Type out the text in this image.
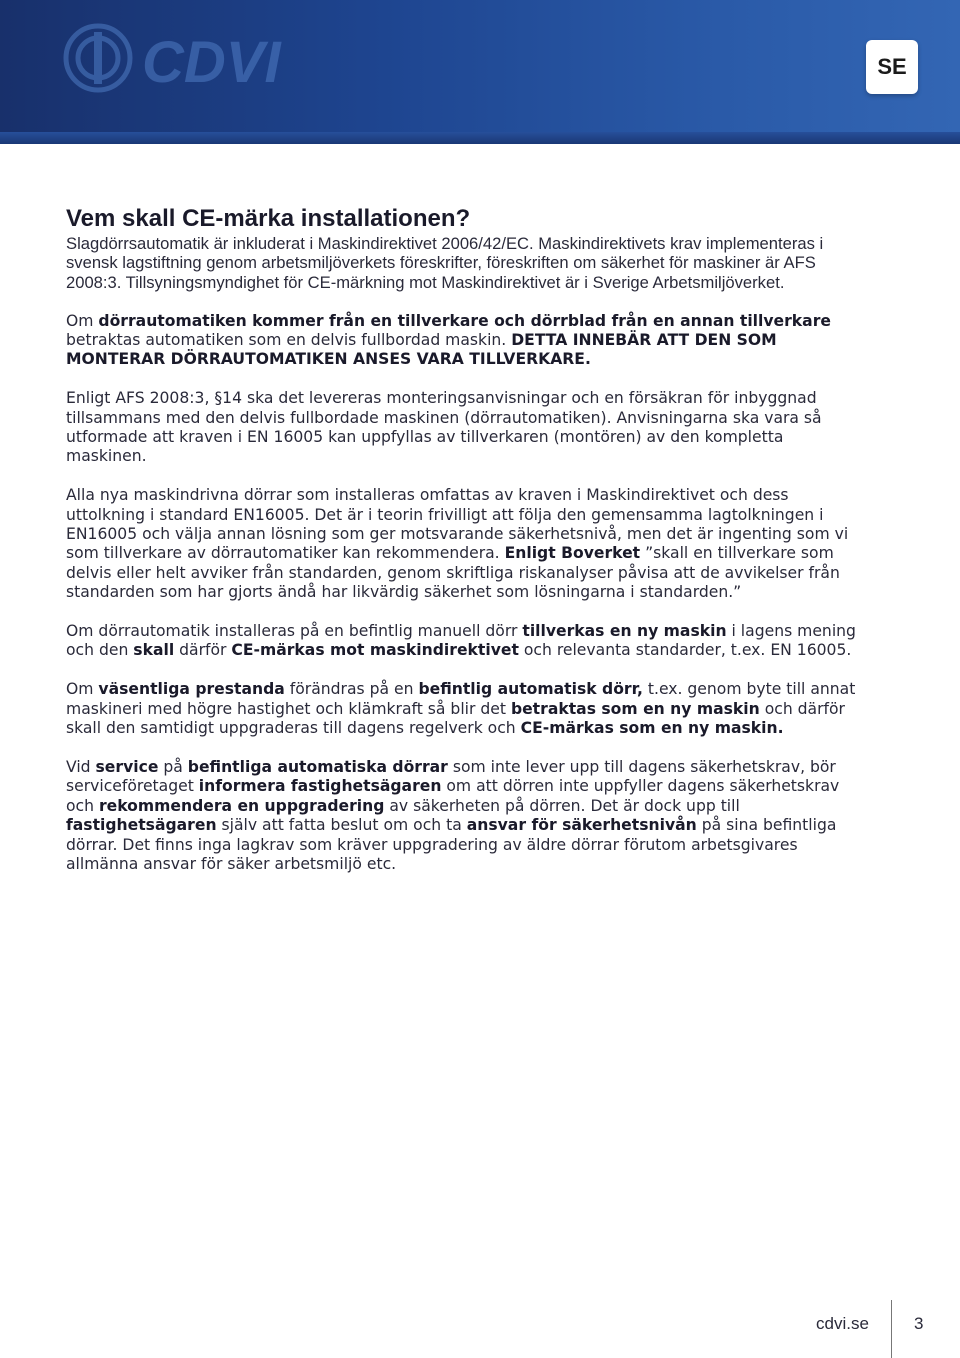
CDVI	SE
Vem skall CE-märka installationen?

Slagdörrsautomatik är inkluderat i Maskindirektivet 2006/42/EC. Maskindirektivets krav implementeras i svensk lagstiftning genom arbetsmiljöverkets föreskrifter, föreskriften om säkerhet för maskiner är AFS 2008:3. Tillsyningsmyndighet för CE-märkning mot Maskindirektivet är i Sverige Arbetsmiljöverket.

Om dörrautomatiken kommer från en tillverkare och dörrblad från en annan tillverkare betraktas automatiken som en delvis fullbordad maskin. DETTA INNEBÄR ATT DEN SOM MONTERAR DÖRRAUTOMATIKEN ANSES VARA TILLVERKARE.

Enligt AFS 2008:3, §14 ska det levereras monteringsanvisningar och en försäkran för inbyggnad tillsammans med den delvis fullbordade maskinen (dörrautomatiken). Anvisningarna ska vara så utformade att kraven i EN 16005 kan uppfyllas av tillverkaren (montören) av den kompletta maskinen.

Alla nya maskindrivna dörrar som installeras omfattas av kraven i Maskindirektivet och dess uttolkning i standard EN16005. Det är i teorin frivilligt att följa den gemensamma lagtolkningen i EN16005 och välja annan lösning som ger motsvarande säkerhetsnivå, men det är ingenting som vi som tillverkare av dörrautomatiker kan rekommendera. Enligt Boverket ”skall en tillverkare som delvis eller helt avviker från standarden, genom skriftliga riskanalyser påvisa att de avvikelser från standarden som har gjorts ändå har likvärdig säkerhet som lösningarna i standarden.”

Om dörrautomatik installeras på en befintlig manuell dörr tillverkas en ny maskin i lagens mening och den skall därför CE-märkas mot maskindirektivet och relevanta standarder, t.ex. EN 16005.

Om väsentliga prestanda förändras på en befintlig automatisk dörr, t.ex. genom byte till annat maskineri med högre hastighet och klämkraft så blir det betraktas som en ny maskin och därför skall den samtidigt uppgraderas till dagens regelverk och CE-märkas som en ny maskin.

Vid service på befintliga automatiska dörrar som inte lever upp till dagens säkerhetskrav, bör serviceföretaget informera fastighetsägaren om att dörren inte uppfyller dagens säkerhetskrav och rekommendera en uppgradering av säkerheten på dörren. Det är dock upp till fastighetsägaren själv att fatta beslut om och ta ansvar för säkerhetsnivån på sina befintliga dörrar. Det finns inga lagkrav som kräver uppgradering av äldre dörrar förutom arbetsgivares allmänna ansvar för säker arbetsmiljö etc.

cdvi.se	3
